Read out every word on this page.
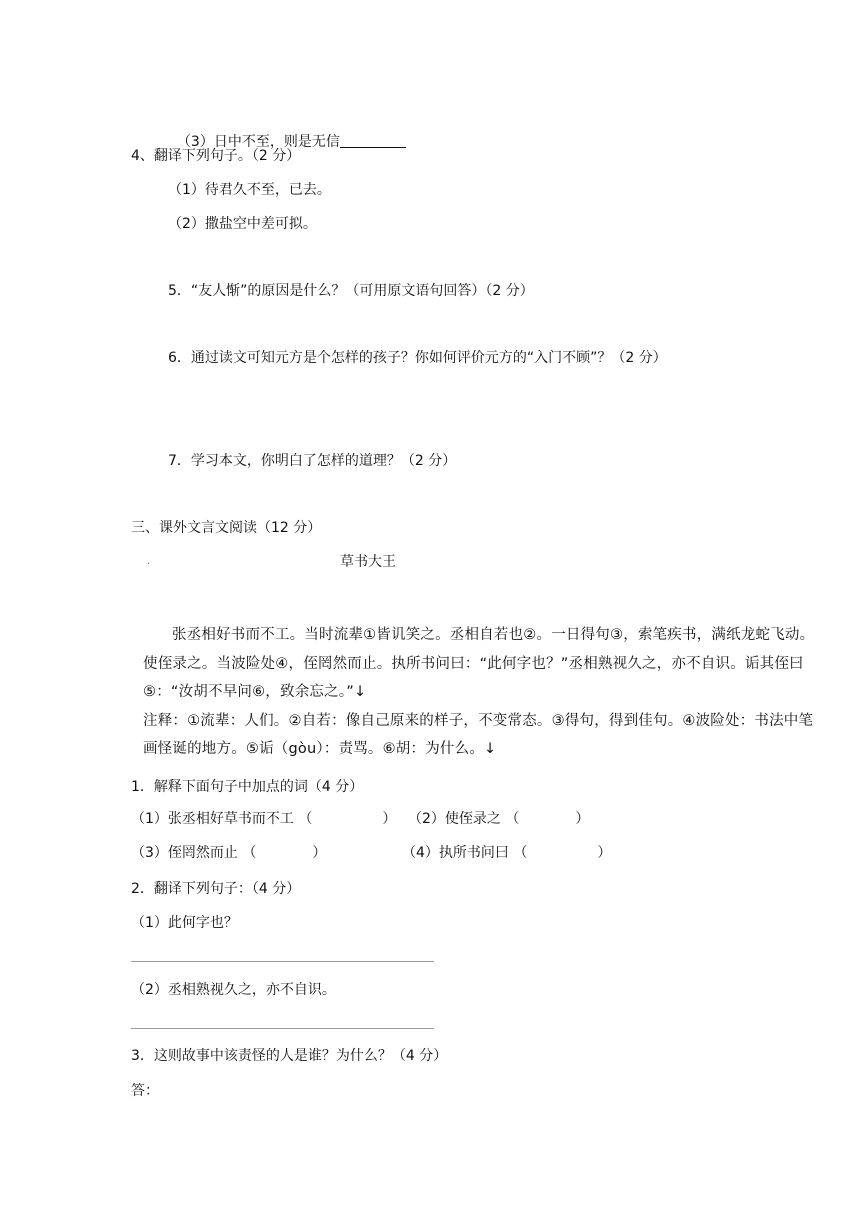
（3）日中不至，则是无信

4、翻译下列句子。（2 分）
（1）待君久不至，已去。
（2）撒盐空中差可拟。
5．“友人惭”的原因是什么？（可用原文语句回答）（2 分）
6．通过读文可知元方是个怎样的孩子？你如何评价元方的“入门不顾”？（2 分）
7．学习本文，你明白了怎样的道理？（2 分）
三、课外文言文阅读（12 分）
.	草书大王
张丞相好书而不工。当时流辈①皆讥笑之。丞相自若也②。一日得句③，索笔疾书，满纸龙蛇飞动。
使侄录之。当波险处④，侄罔然而止。执所书问曰：“此何字也？”丞相熟视久之，亦不自识。诟其侄曰
⑤：“汝胡不早问⑥，致余忘之。”↓
注释：①流辈：人们。②自若：像自己原来的样子，不变常态。③得句，得到佳句。④波险处：书法中笔
画怪诞的地方。⑤诟（gòu）：责骂。⑥胡：为什么。↓
1．解释下面句子中加点的词（4 分）
（1）张丞相好草书而不工 （　　　　　） （2）使侄录之 （　　　　）
（3）侄罔然而止 （　　　　）	（4）执所书问曰 （　　　　　）
2．翻译下列句子：（4 分）
（1）此何字也？
（2）丞相熟视久之，亦不自识。
3．这则故事中该责怪的人是谁？为什么？（4 分）
答：
